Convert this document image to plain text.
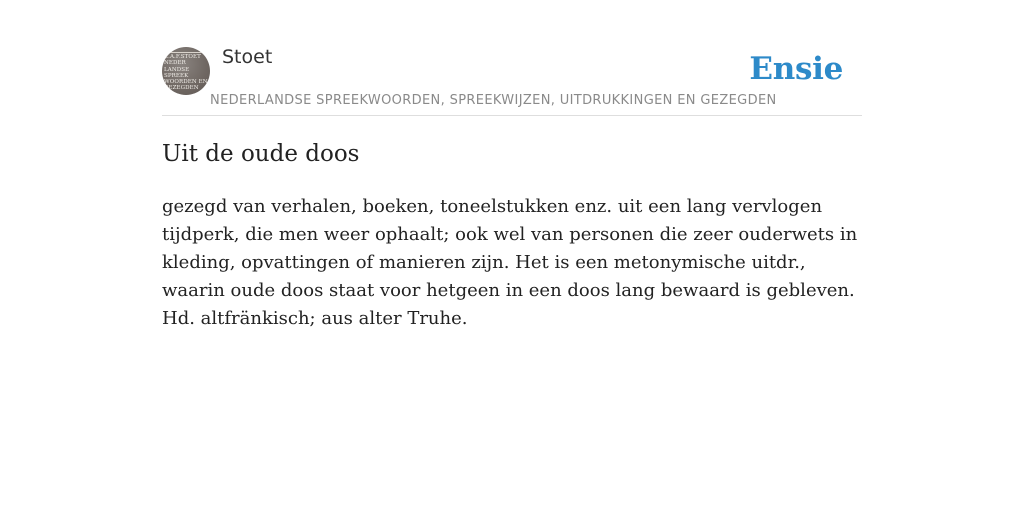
C.A.F.STOET
NEDER
LANDSE
SPREEK
WOORDEN EN
GEZEGDEN
Stoet
NEDERLANDSE SPREEKWOORDEN, SPREEKWIJZEN, UITDRUKKINGEN EN GEZEGDEN
Ensie
Uit de oude doos

gezegd van verhalen, boeken, toneelstukken enz. uit een lang vervlogen tijdperk, die men weer ophaalt; ook wel van personen die zeer ouderwets in kleding, opvattingen of manieren zijn. Het is een metonymische uitdr., waarin oude doos staat voor hetgeen in een doos lang bewaard is gebleven. Hd. altfränkisch; aus alter Truhe.
